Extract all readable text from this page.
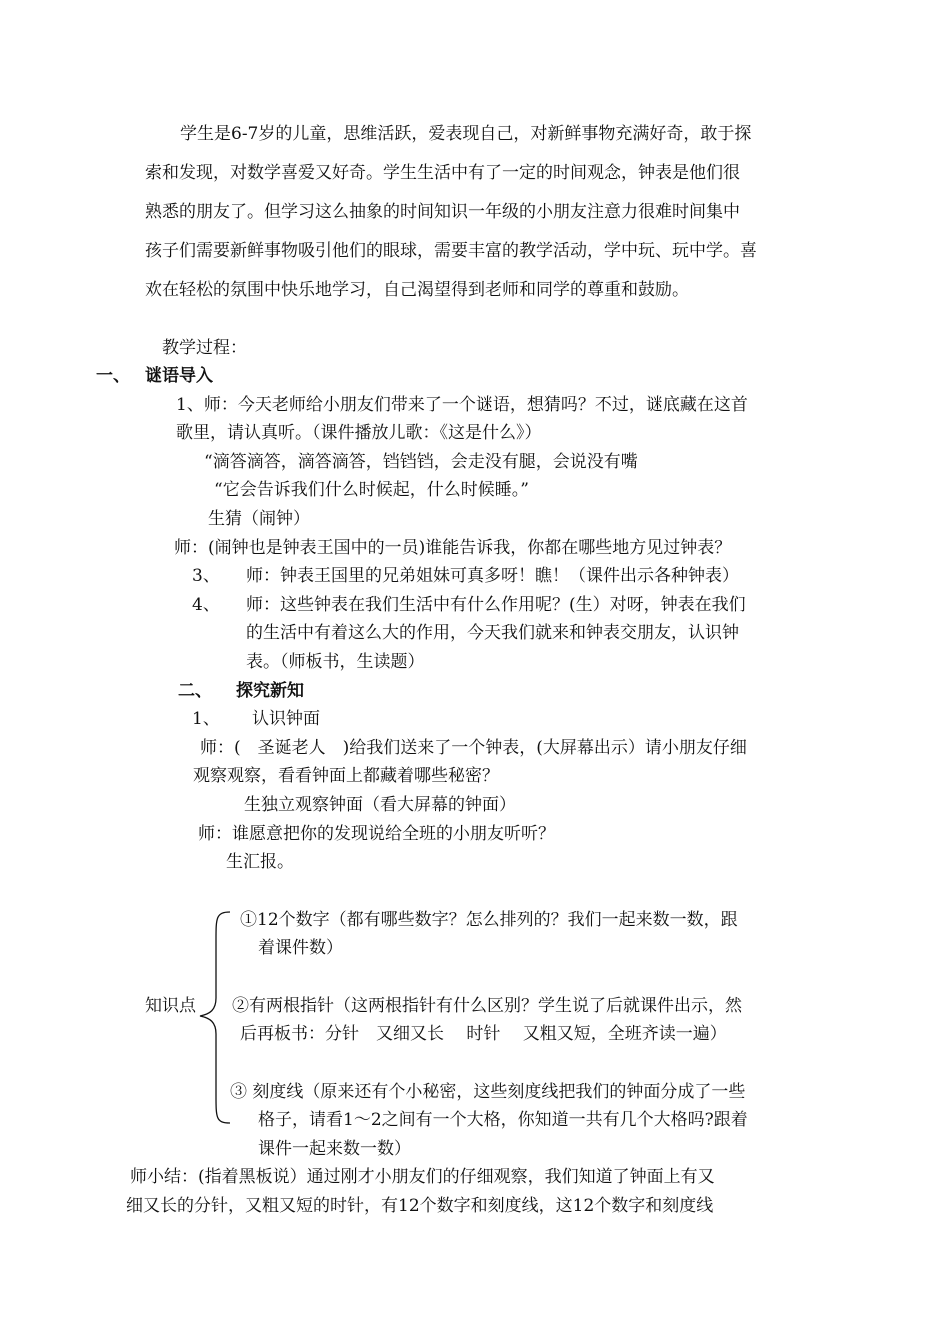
学生是6-7岁的儿童，思维活跃，爱表现自己，对新鲜事物充满好奇，敢于探

索和发现，对数学喜爱又好奇。学生生活中有了一定的时间观念，钟表是他们很

熟悉的朋友了。但学习这么抽象的时间知识一年级的小朋友注意力很难时间集中

孩子们需要新鲜事物吸引他们的眼球，需要丰富的教学活动，学中玩、玩中学。喜

欢在轻松的氛围中快乐地学习，自己渴望得到老师和同学的尊重和鼓励。

教学过程：

一、 谜语导入

1、师：今天老师给小朋友们带来了一个谜语，想猜吗？不过，谜底藏在这首

歌里，请认真听。（课件播放儿歌：《这是什么》）

“滴答滴答，滴答滴答，铛铛铛，会走没有腿，会说没有嘴

“它会告诉我们什么时候起，什么时候睡。”

生猜（闹钟）

师：(闹钟也是钟表王国中的一员)谁能告诉我，你都在哪些地方见过钟表？

3、 师：钟表王国里的兄弟姐妹可真多呀！瞧！（课件出示各种钟表）
4、 师：这些钟表在我们生活中有什么作用呢？(生）对呀，钟表在我们
的生活中有着这么大的作用，今天我们就来和钟表交朋友，认识钟
表。（师板书，生读题）
二、 探究新知
1、 认识钟面

师：(　圣诞老人　)给我们送来了一个钟表，(大屏幕出示）请小朋友仔细

观察观察，看看钟面上都藏着哪些秘密？

生独立观察钟面（看大屏幕的钟面）

师：谁愿意把你的发现说给全班的小朋友听听？

生汇报。

知识点

①12个数字（都有哪些数字？怎么排列的？我们一起来数一数，跟

着课件数）

②有两根指针（这两根指针有什么区别？学生说了后就课件出示，然

后再板书：分针　又细又长　 时针　 又粗又短，全班齐读一遍）

③ 刻度线（原来还有个小秘密，这些刻度线把我们的钟面分成了一些

格子，请看1～2之间有一个大格，你知道一共有几个大格吗?跟着

课件一起来数一数）

师小结：(指着黑板说）通过刚才小朋友们的仔细观察，我们知道了钟面上有又

细又长的分针，又粗又短的时针，有12个数字和刻度线，这12个数字和刻度线
